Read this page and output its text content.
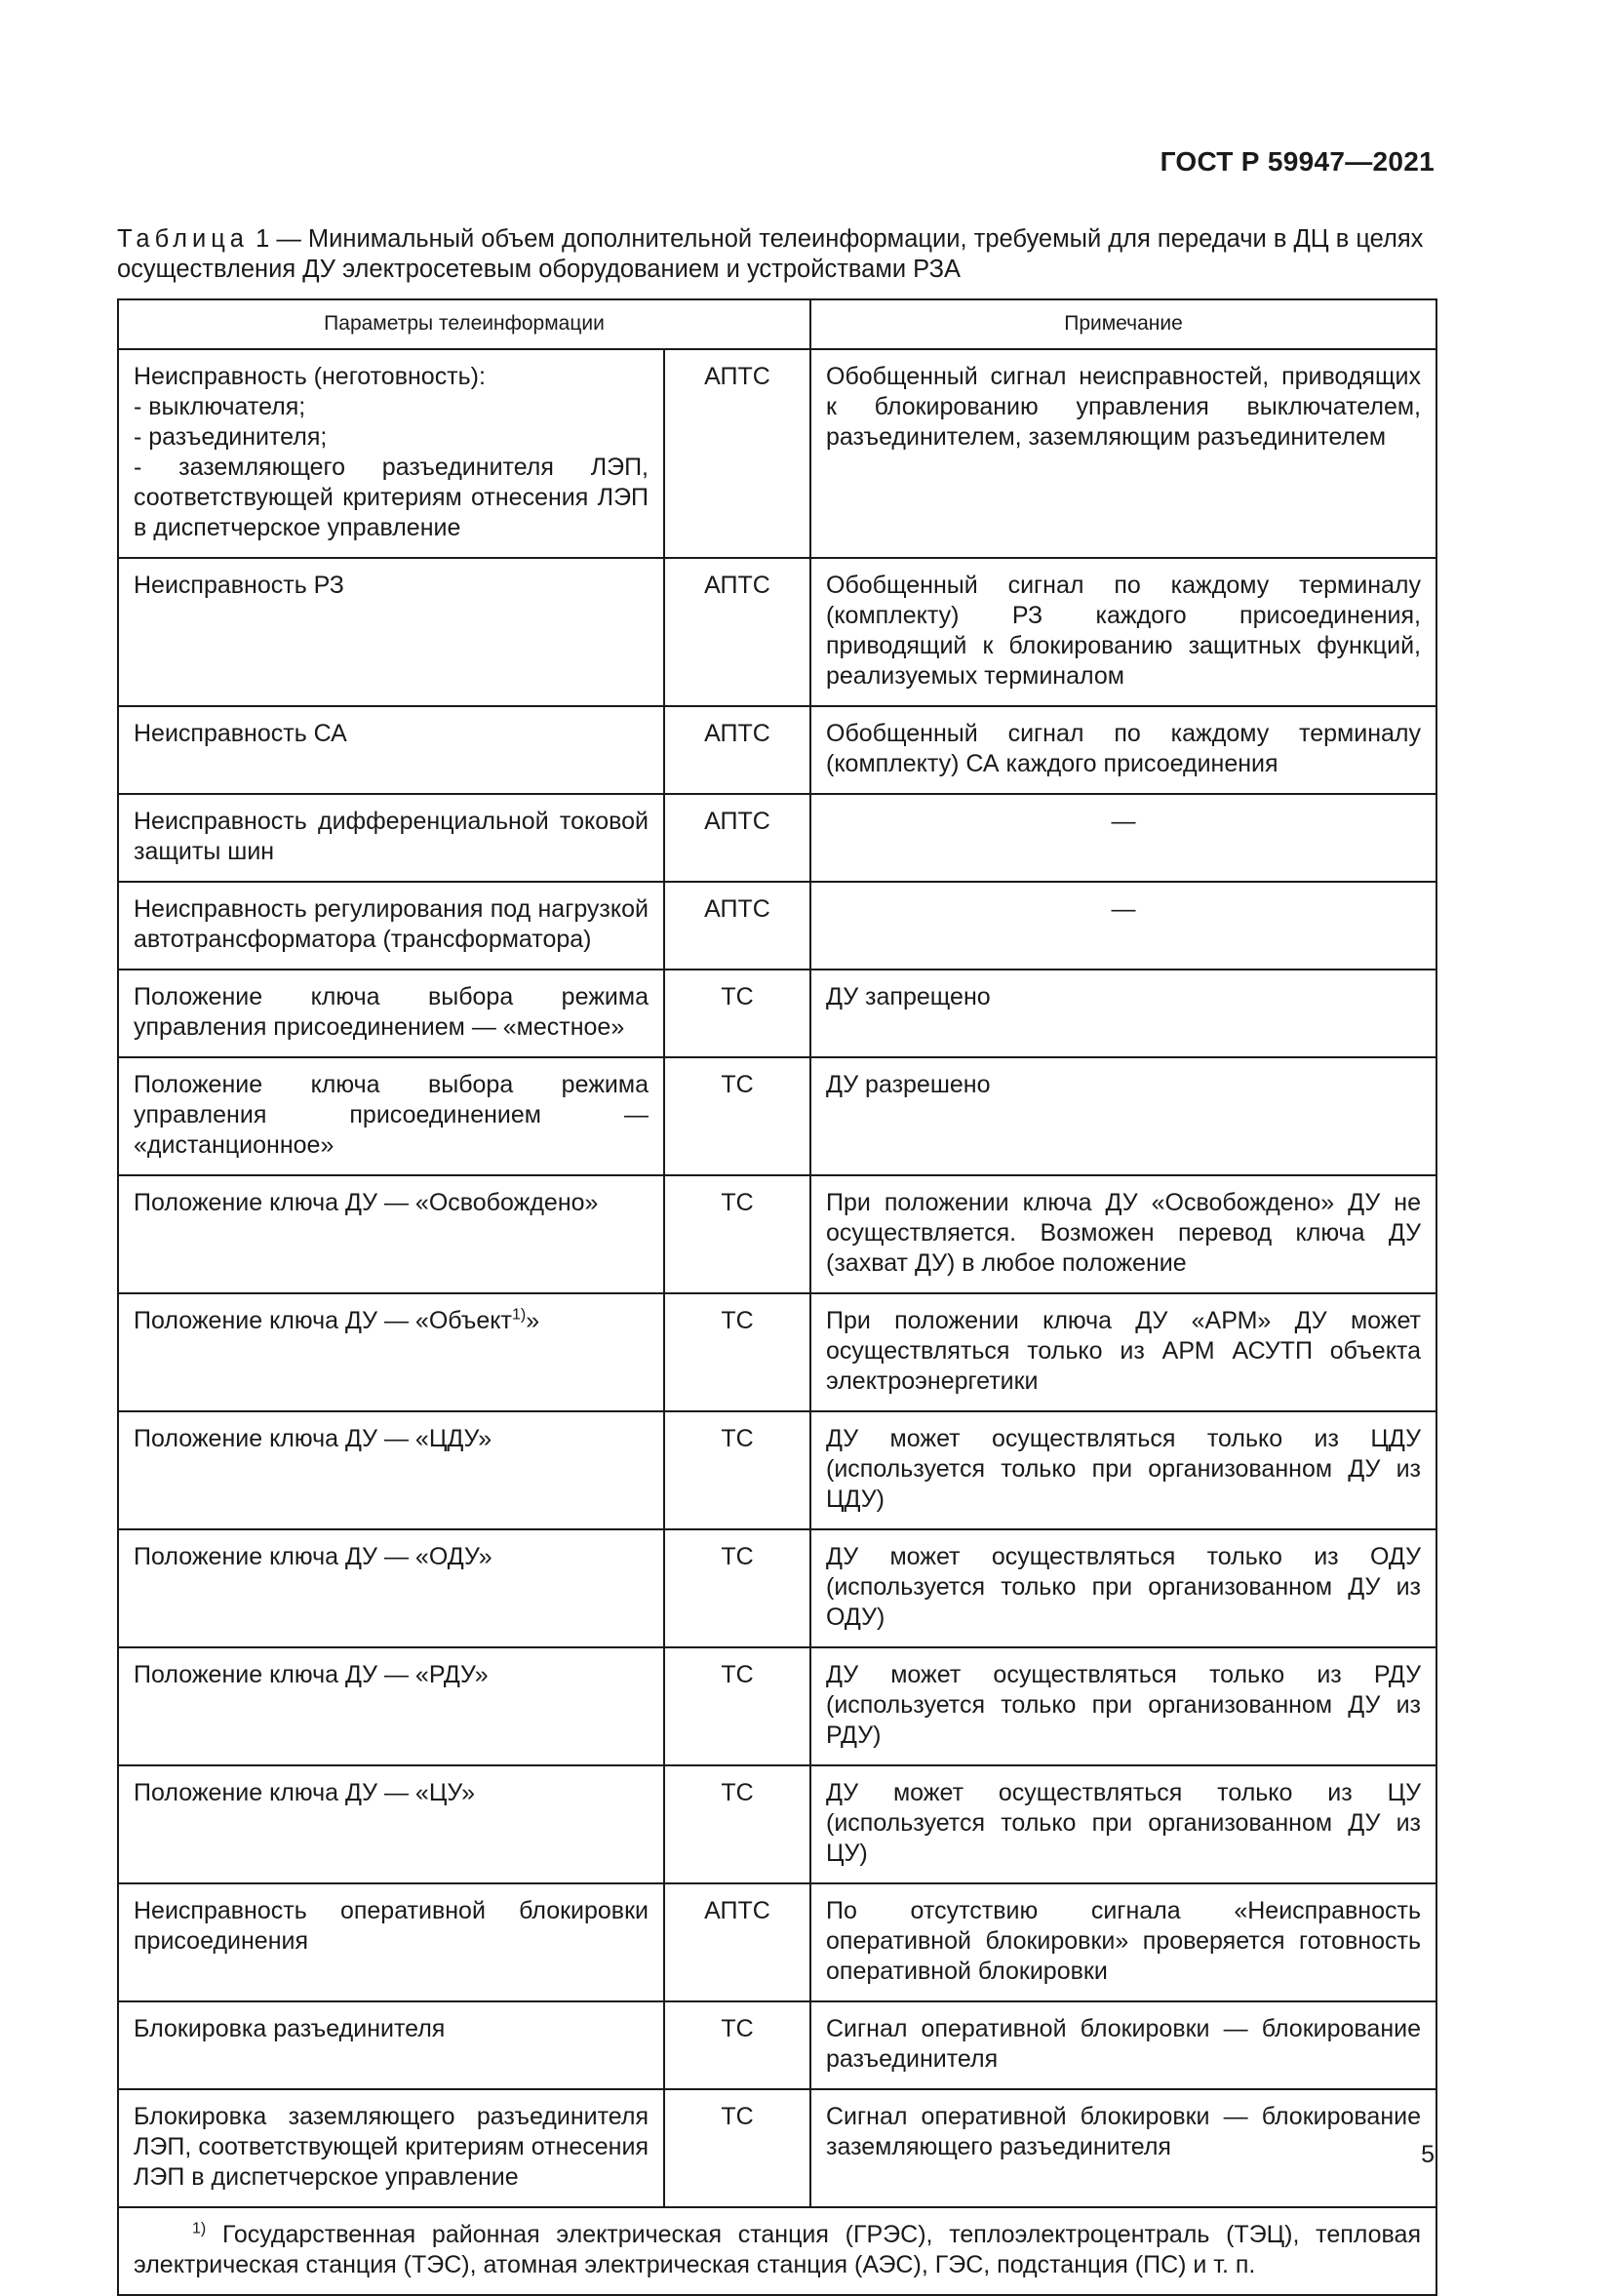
ГОСТ Р 59947—2021
Таблица 1 — Минимальный объем дополнительной телеинформации, требуемый для передачи в ДЦ в целях осуществления ДУ электросетевым оборудованием и устройствами РЗА
Параметры телеинформации		Примечание

Неисправность (неготовность):
- выключателя;
- разъединителя;
- заземляющего разъединителя ЛЭП, соответствующей критериям отнесения ЛЭП в диспетчерское управление	АПТС	Обобщенный сигнал неисправностей, приводящих к блокированию управления выключателем, разъединителем, заземляющим разъединителем
Неисправность РЗ	АПТС	Обобщенный сигнал по каждому терминалу (комплекту) РЗ каждого присоединения, приводящий к блокированию защитных функций, реализуемых терминалом
Неисправность СА	АПТС	Обобщенный сигнал по каждому терминалу (комплекту) СА каждого присоединения
Неисправность дифференциальной токовой защиты шин	АПТС	—
Неисправность регулирования под нагрузкой автотрансформатора (трансформатора)	АПТС	—
Положение ключа выбора режима управления присоединением — «местное»	ТС	ДУ запрещено
Положение ключа выбора режима управления присоединением — «дистанционное»	ТС	ДУ разрешено
Положение ключа ДУ — «Освобождено»	ТС	При положении ключа ДУ «Освобождено» ДУ не осуществляется. Возможен перевод ключа ДУ (захват ДУ) в любое положение
Положение ключа ДУ — «Объект$^{1)}$»	ТС	При положении ключа ДУ «АРМ» ДУ может осуществляться только из АРМ АСУТП объекта электроэнергетики
Положение ключа ДУ — «ЦДУ»	ТС	ДУ может осуществляться только из ЦДУ (используется только при организованном ДУ из ЦДУ)
Положение ключа ДУ — «ОДУ»	ТС	ДУ может осуществляться только из ОДУ (используется только при организованном ДУ из ОДУ)
Положение ключа ДУ — «РДУ»	ТС	ДУ может осуществляться только из РДУ (используется только при организованном ДУ из РДУ)
Положение ключа ДУ — «ЦУ»	ТС	ДУ может осуществляться только из ЦУ (используется только при организованном ДУ из ЦУ)
Неисправность оперативной блокировки присоединения	АПТС	По отсутствию сигнала «Неисправность оперативной блокировки» проверяется готовность оперативной блокировки
Блокировка разъединителя	ТС	Сигнал оперативной блокировки — блокирование разъединителя
Блокировка заземляющего разъединителя ЛЭП, соответствующей критериям отнесения ЛЭП в диспетчерское управление	ТС	Сигнал оперативной блокировки — блокирование заземляющего разъединителя
$^{1)}$ Государственная районная электрическая станция (ГРЭС), теплоэлектроцентраль (ТЭЦ), тепловая электрическая станция (ТЭС), атомная электрическая станция (АЭС), ГЭС, подстанция (ПС) и т. п.		
5
